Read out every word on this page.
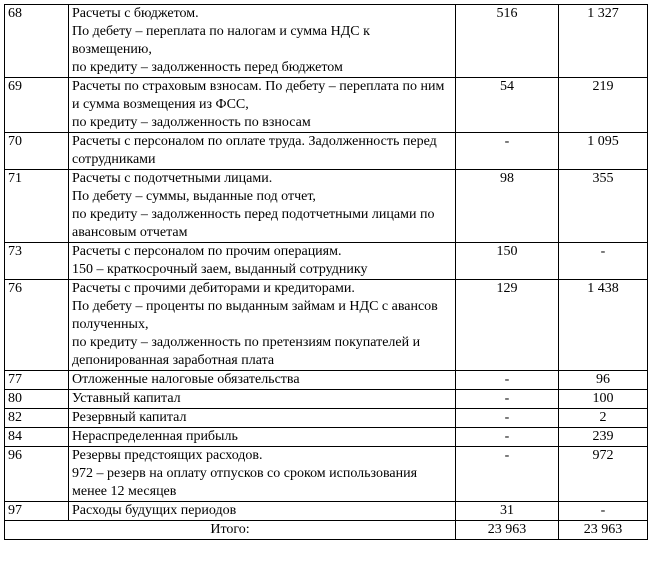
68	Расчеты с бюджетом.
По дебету – переплата по налогам и сумма НДС к возмещению,
по кредиту – задолженность перед бюджетом	516	1 327
69	Расчеты по страховым взносам. По дебету – переплата по ним и сумма возмещения из ФСС,
по кредиту – задолженность по взносам	54	219
70	Расчеты с персоналом по оплате труда. Задолженность перед сотрудниками	-	1 095
71	Расчеты с подотчетными лицами.
По дебету – суммы, выданные под отчет,
по кредиту – задолженность перед подотчетными лицами по авансовым отчетам	98	355
73	Расчеты с персоналом по прочим операциям.
150 – краткосрочный заем, выданный сотруднику	150	-
76	Расчеты с прочими дебиторами и кредиторами.
По дебету – проценты по выданным займам и НДС с авансов полученных,
по кредиту – задолженность по претензиям покупателей и депонированная заработная плата	129	1 438
77	Отложенные налоговые обязательства	-	96
80	Уставный капитал	-	100
82	Резервный капитал	-	2
84	Нераспределенная прибыль	-	239
96	Резервы предстоящих расходов.
972 – резерв на оплату отпусков со сроком использования менее 12 месяцев	-	972
97	Расходы будущих периодов	31	-
Итого:		23 963	23 963
